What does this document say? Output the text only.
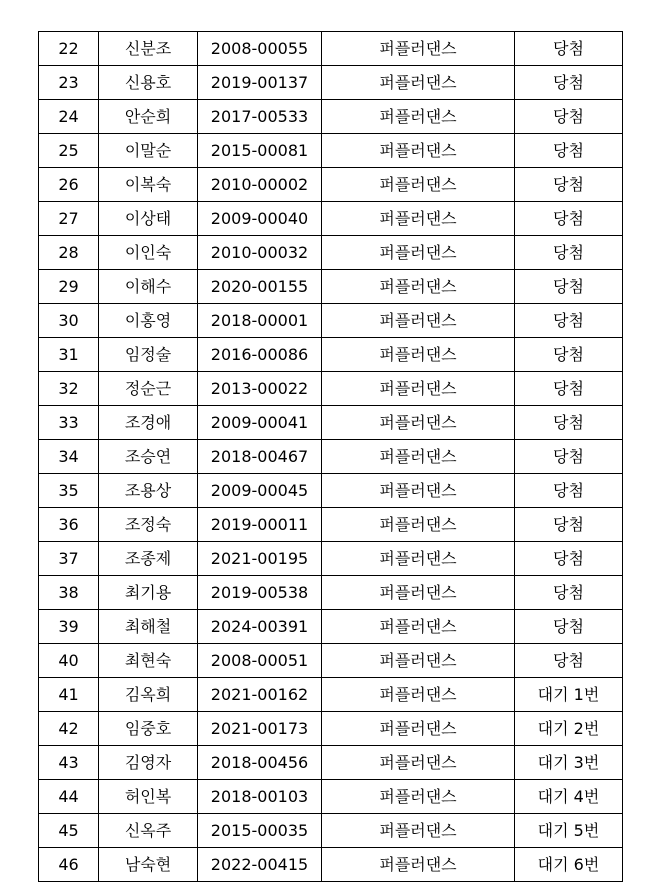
22	신분조	2008-00055	퍼플러댄스	당첨
23	신용호	2019-00137	퍼플러댄스	당첨
24	안순희	2017-00533	퍼플러댄스	당첨
25	이말순	2015-00081	퍼플러댄스	당첨
26	이복숙	2010-00002	퍼플러댄스	당첨
27	이상태	2009-00040	퍼플러댄스	당첨
28	이인숙	2010-00032	퍼플러댄스	당첨
29	이해수	2020-00155	퍼플러댄스	당첨
30	이홍영	2018-00001	퍼플러댄스	당첨
31	임정술	2016-00086	퍼플러댄스	당첨
32	정순근	2013-00022	퍼플러댄스	당첨
33	조경애	2009-00041	퍼플러댄스	당첨
34	조승연	2018-00467	퍼플러댄스	당첨
35	조용상	2009-00045	퍼플러댄스	당첨
36	조정숙	2019-00011	퍼플러댄스	당첨
37	조종제	2021-00195	퍼플러댄스	당첨
38	최기용	2019-00538	퍼플러댄스	당첨
39	최해철	2024-00391	퍼플러댄스	당첨
40	최현숙	2008-00051	퍼플러댄스	당첨
41	김옥희	2021-00162	퍼플러댄스	대기 1번
42	임중호	2021-00173	퍼플러댄스	대기 2번
43	김영자	2018-00456	퍼플러댄스	대기 3번
44	허인복	2018-00103	퍼플러댄스	대기 4번
45	신옥주	2015-00035	퍼플러댄스	대기 5번
46	남숙현	2022-00415	퍼플러댄스	대기 6번
